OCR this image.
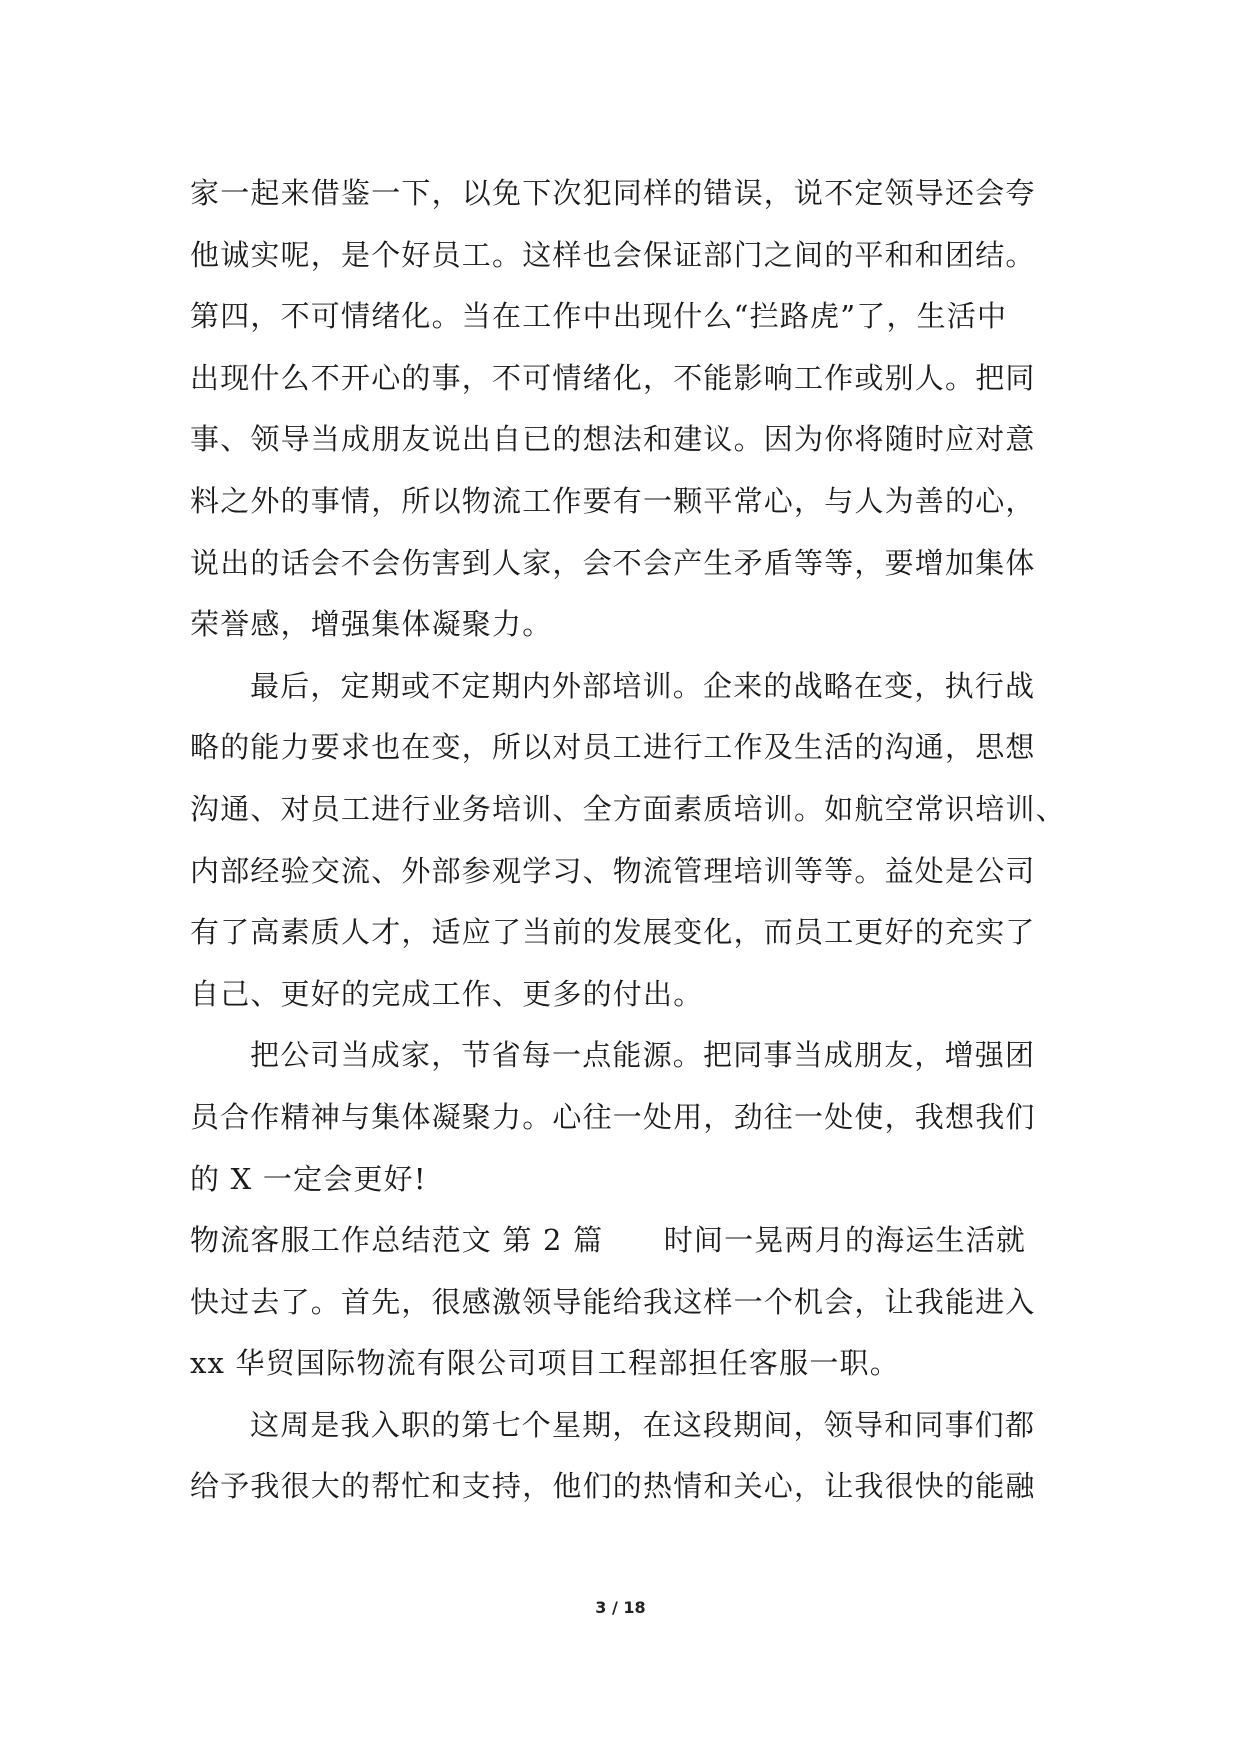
家一起来借鉴一下，以免下次犯同样的错误，说不定领导还会夸
他诚实呢，是个好员工。这样也会保证部门之间的平和和团结。
第四，不可情绪化。当在工作中出现什么“拦路虎”了，生活中
出现什么不开心的事，不可情绪化，不能影响工作或别人。把同
事、领导当成朋友说出自已的想法和建议。因为你将随时应对意
料之外的事情，所以物流工作要有一颗平常心，与人为善的心，
说出的话会不会伤害到人家，会不会产生矛盾等等，要增加集体
荣誉感，增强集体凝聚力。
最后，定期或不定期内外部培训。企来的战略在变，执行战
略的能力要求也在变，所以对员工进行工作及生活的沟通，思想
沟通、对员工进行业务培训、全方面素质培训。如航空常识培训、
内部经验交流、外部参观学习、物流管理培训等等。益处是公司
有了高素质人才，适应了当前的发展变化，而员工更好的充实了
自己、更好的完成工作、更多的付出。
把公司当成家，节省每一点能源。把同事当成朋友，增强团
员合作精神与集体凝聚力。心往一处用，劲往一处使，我想我们
的 X 一定会更好!
物流客服工作总结范文 第 2 篇　　时间一晃两月的海运生活就
快过去了。首先，很感激领导能给我这样一个机会，让我能进入
xx 华贸国际物流有限公司项目工程部担任客服一职。
这周是我入职的第七个星期，在这段期间，领导和同事们都
给予我很大的帮忙和支持，他们的热情和关心，让我很快的能融
3 / 18
